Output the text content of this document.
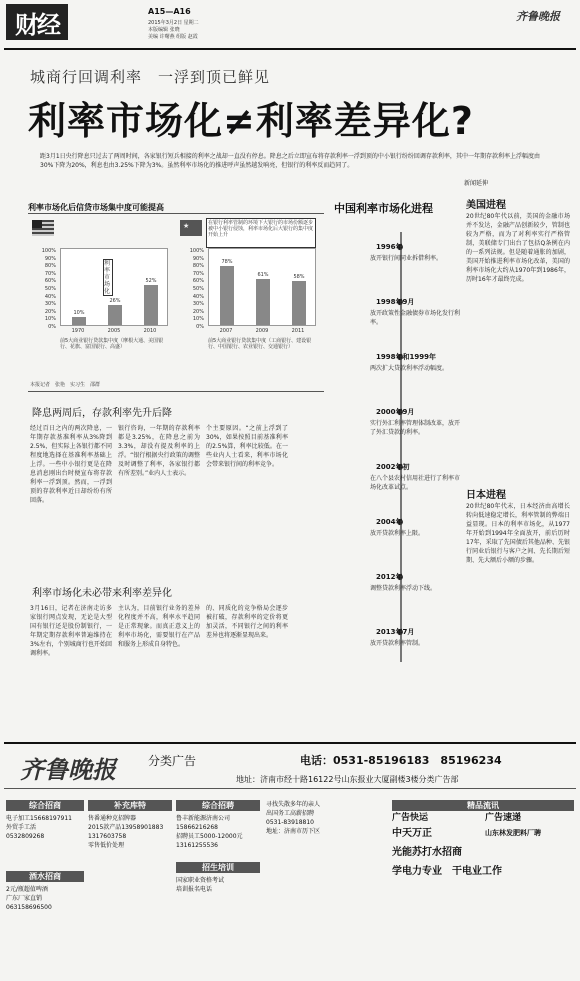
财经	A15—A16
2015年3月2日 星期二
本版编辑 张晓
美编 许曙燕 组版 赵霞
齐鲁晚报
城商行回调利率　一浮到顶已鲜见
利率市场化≠利率差异化?
距3月1日央行降息只过去了两周时间，各家银行短兵相接的利率之战却一直没有停息。降息之后立即宣布将存款利率一浮到顶的中小银行纷纷回调存款利率，其中一年期存款利率上浮幅度由30%下降为20%，利息也由3.25%下降为3%。虽然利率市场化的推进呼声虽然越发响亮，但银行的利率反而趋同了。
利率市场化后信贷市场集中度可能提高
100%
90%
80%
70%
60%
50%
40%
30%
20%
10%
0%
10%
26%
52%
利率市场化
1970	2005	2010
前5大商业银行贷款集中度（摩根大通、美国银行、花旗、富国银行、高盛）
★	在银行利率管制的环境下大银行的市场份额逐步被中小银行侵蚀，利率市场化后大银行的集中度开始上升
100%
90%
80%
70%
60%
50%
40%
30%
20%
10%
0%
78%
61%	58%
2007	2009	2011
前5大商业银行贷款集中度（工商银行、建设银行、中国银行、农业银行、交通银行）
本报记者　张艳　实习生　邵群
降息两周后，存款利率先升后降
经过百日之内的两次降息，一年期存款基准利率从3%降到2.5%，但实际上各银行都不同程度地选择在基准利率基础上上浮。一些中小银行更是在降息消息刚出台时便宣布将存款利率一浮到顶。然而，一浮到顶的存款利率近日却纷纷有所回落。
银行咨询，一年期的存款利率都是3.25%，在降息之前为3.3%，却没有提及利率的上浮。“银行根据央行政策的调整及时调整了利率，各家银行都有所差别。”业内人士表示。
个主要原因。“之前上浮到了30%，如果按照目前基准利率的2.5%算，利率比较低。在一些业内人士看来，利率市场化会带来银行间的利率竞争。
利率市场化未必带来利率差异化
3月16日，记者在济南走访多家银行网点发现，无论是大型国有银行还是股份制银行，一年期定期存款利率普遍维持在3%左右，个别城商行也开始回调利率。
主认为，目前银行业务的差异化程度并不高，利率水平趋同是正常现象。而真正意义上的利率市场化，需要银行在产品和服务上形成自身特色。
的、同质化的竞争格局会逐步被打破，存款利率的定价将更加灵活，不同银行之间的利率差异也将逐渐显现出来。
中国利率市场化进程
1996年
放开银行间同业拆借利率。
1998年9月
放开政策性金融债券市场化发行利率。
1998年和1999年
两次扩大贷款利率浮动幅度。
2000年9月
实行外汇利率管理体制改革，放开了外汇贷款的利率。
2002年初
在八个县农村信用社进行了利率市场化改革试点。
2004年
放开贷款利率上限。
2012年
调整贷款利率浮动下线。
2013年7月
放开贷款利率管制。
新闻延伸
美国进程
20世纪80年代以前，美国的金融市场并不发达，金融产品创新较少，管制也较为严格，而为了对利率实行严格管制，美联储专门出台了包括Q条例在内的一系列法规。但是随着通胀的加剧，美国开始推进利率市场化改革，美国的利率市场化大约从1970年到1986年，历时16年才最终完成。
日本进程
20世纪80年代末，日本经济由高增长转向低速稳定增长，利率管制的弊端日益显现。日本的利率市场化，从1977年开始到1994年全面放开，前后历时17年，采取了先国债后其他品种、先银行同业后银行与客户之间、先长期后短期、先大额后小额的步骤。
齐鲁晚报	分类广告	电话：0531-85196183　85196234
地址：济南市经十路16122号山东报业大厦副楼3楼分类广告部
综合招商
电子加工15668197911
外贸手工活
0532809268
酒水招商
2元/瓶超值啤酒
广东厂家直销063158696500
补充库特
售番通种克招牌器
2015款产品13958901883
1317603758
零售低价处理
综合招聘
鲁丰新能源济南公司
15866216268
招聘员工5000-12000元
13161255536
招生培训
国家职业资格考试
培训报名电话
寻找失散多年的亲人
出国务工高薪招聘
0531-83918810
地址：济南市历下区
精品流讯
广告快运	广告速递
中天万正	山东林发肥料厂聘
光能苏打水招商
学电力专业　干电业工作
